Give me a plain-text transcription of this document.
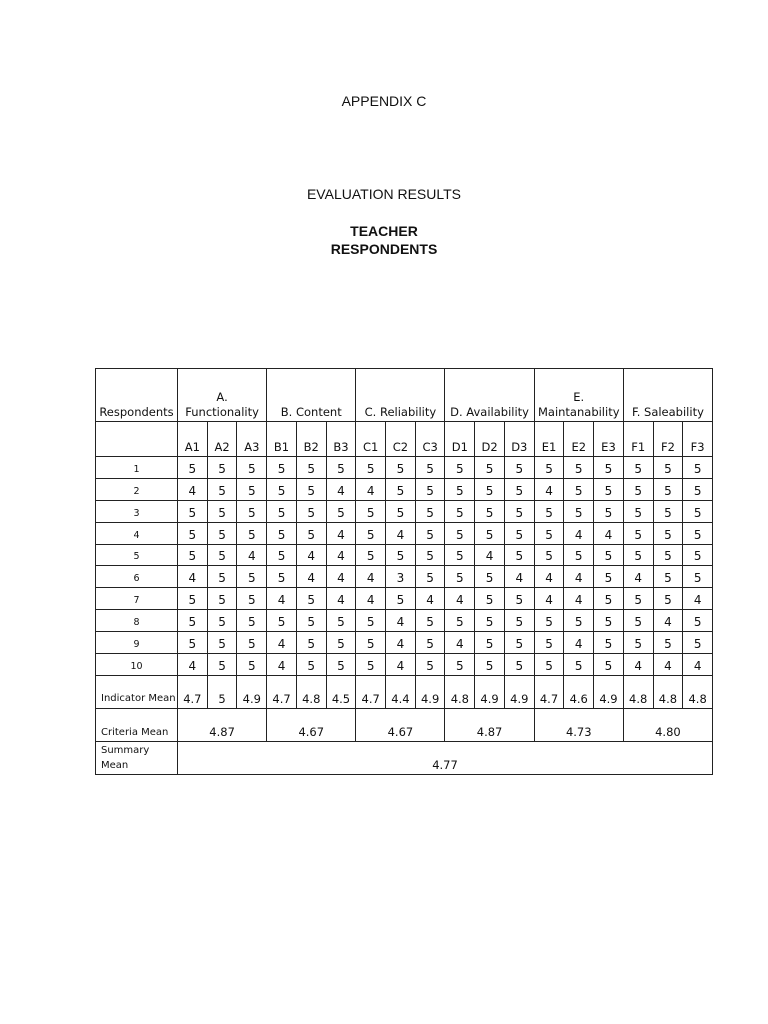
APPENDIX C
EVALUATION RESULTS
TEACHER
RESPONDENTS
Respondents	A. Functionality			B. Content			C. Reliability			D. Availability			E. Maintanability			F. Saleability		
	A1	A2	A3	B1	B2	B3	C1	C2	C3	D1	D2	D3	E1	E2	E3	F1	F2	F3
1	5	5	5	5	5	5	5	5	5	5	5	5	5	5	5	5	5	5
2	4	5	5	5	5	4	4	5	5	5	5	5	4	5	5	5	5	5
3	5	5	5	5	5	5	5	5	5	5	5	5	5	5	5	5	5	5
4	5	5	5	5	5	4	5	4	5	5	5	5	5	4	4	5	5	5
5	5	5	4	5	4	4	5	5	5	5	4	5	5	5	5	5	5	5
6	4	5	5	5	4	4	4	3	5	5	5	4	4	4	5	4	5	5
7	5	5	5	4	5	4	4	5	4	4	5	5	4	4	5	5	5	4
8	5	5	5	5	5	5	5	4	5	5	5	5	5	5	5	5	4	5
9	5	5	5	4	5	5	5	4	5	4	5	5	5	4	5	5	5	5
10	4	5	5	4	5	5	5	4	5	5	5	5	5	5	5	4	4	4
Indicator Mean	4.7	5	4.9	4.7	4.8	4.5	4.7	4.4	4.9	4.8	4.9	4.9	4.7	4.6	4.9	4.8	4.8	4.8
Criteria Mean	4.87			4.67			4.67			4.87			4.73			4.80		
Summary Mean	4.77																	
